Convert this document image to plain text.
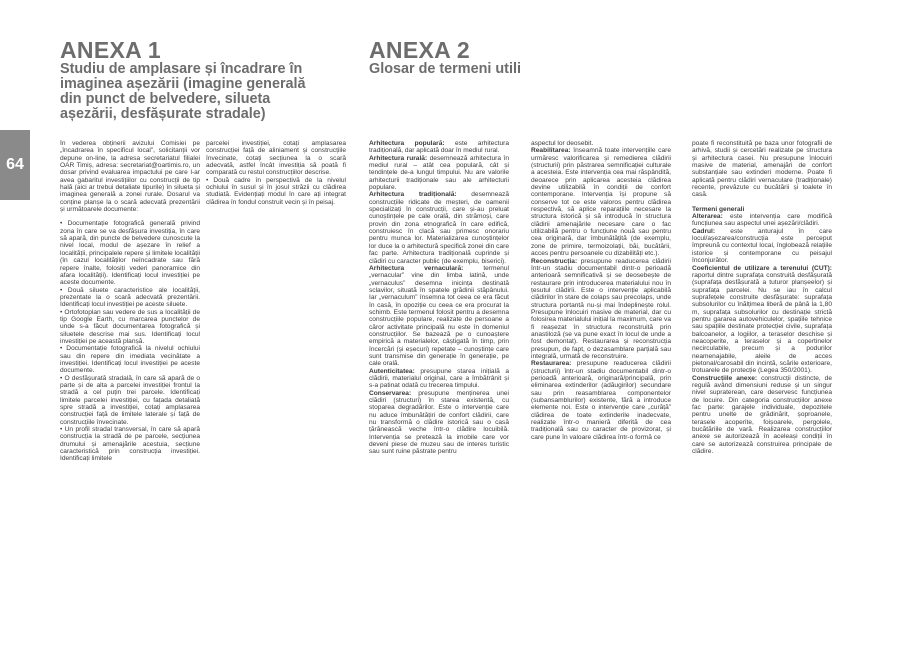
ANEXA 1
Studiu de amplasare și încadrare în
imaginea așezării (imagine generală
din punct de belvedere, silueta
așezării, desfășurate stradale)
ANEXA 2
Glosar de termeni utili
64

În vederea obținerii avizului Comisiei pe „încadrarea în specificul local”, solicitanții vor depune on-line, la adresa secretariatul filialei OAR Timiș, adresa: secretariat@oartimis.ro, un dosar privind evaluarea impactului pe care l-ar avea gabaritul investițiilor cu construcții de tip hală (aici ar trebui detaliate tipurile) în silueta și imaginea generală a zonei rurale. Dosarul va conține planșe la o scară adecvată prezentării și următoarele documente:

• Documentație fotografică generală privind zona în care se va desfășura investiția, în care să apară, din puncte de belvedere cunoscute la nivel local, modul de așezare în relief a localității, principalele repere și limitele localității (în cazul localităților neîncadrate sau fără repere înalte, folosiți vederi panoramice din afara localității). Identificați locul investiției pe aceste documente.

• Două siluete caracteristice ale localității, prezentate la o scară adecvată prezentării. Identificați locul investiției pe aceste siluete.

• Ortofotoplan sau vedere de sus a localității de tip Google Earth, cu marcarea punctelor de unde s-a făcut documentarea fotografică și siluetele descrise mai sus. Identificați locul investiției pe această planșă.

• Documentație fotografică la nivelul ochiului sau din repere din imediata vecinătate a investiției. Identificați locul investiției pe aceste documente.

• O desfășurată stradală, în care să apară de o parte și de alta a parcelei investiției frontul la stradă a cel puțin trei parcele. Identificați limitele parcelei investiției, cu fațada detaliată spre stradă a investiției, cotați amplasarea construcției față de limitele laterale și față de construcțiile învecinate.

• Un profil stradal transversal, în care să apară construcția la stradă de pe parcele, secțiunea drumului și amenajările acestuia, secțiune caracteristică prin construcția investiției. Identificați limitele

parcelei investiției, cotați amplasarea construcției față de aliniament și construcțiile învecinate, cotați secțiunea la o scară adecvată, astfel încât investiția să poată fi comparată cu restul construcțiilor descrise.

• Două cadre în perspectivă de la nivelul ochiului în susul și în josul străzii cu clădirea studiată. Evidențiați modul în care ați integrat clădirea în fondul construit vecin și în peisaj.

Arhitectura populară: este arhitectura tradițională, dar aplicată doar în mediul rural.

Arhitectura rurală: desemnează arhitectura în mediul rural – atât cea populară, cât și tendințele de-a lungul timpului. Nu are valorile arhitecturii tradiționale sau ale arhitecturii populare.

Arhitectura tradițională: desemnează construcțiile ridicate de meșteri, de oamenii specializați în construcții, care și-au preluat cunoștințele pe cale orală, din strămoși, care provin din zona etnografică în care edifică, construiesc în clacă sau primesc onorariu pentru munca lor. Materializarea cunoștințelor lor duce la o arhitectură specifică zonei din care fac parte. Arhitectura tradițională cuprinde și clădiri cu caracter public (de exemplu, biserici).

Arhitectura vernaculară: termenul „vernacular” vine din limba latină, unde „vernaculus” desemna inicința destinată sclavilor, situată în spatele grădinii stăpânului. Iar „vernaculum” însemna tot ceea ce era făcut în casă, în opoziție cu ceea ce era procurat la schimb. Este termenul folosit pentru a desemna construcțiile populare, realizate de persoane a căror activitate principală nu este în domeniul construcțiilor. Se bazează pe o cunoaștere empirică a materialelor, câștigată în timp, prin încercări (și eșecuri) repetate – cunoștințe care sunt transmise din generație în generație, pe cale orală.

Autenticitatea: presupune starea inițială a clădirii, materialul original, care a îmbătrânit și s-a patinat odată cu trecerea timpului.

Conservarea: presupune menținerea unei clădiri (structuri) în starea existentă, cu stoparea degradărilor. Este o intervenție care nu aduce îmbunătățiri de confort clădirii, care nu transformă o clădire istorică sau o casă țărănească veche într-o clădire locuibilă. Intervenția se pretează la imobile care vor deveni piese de muzeu sau de interes turistic sau sunt ruine păstrate pentru

aspectul lor deosebit.

Reabilitarea: înseamnă toate intervențiile care urmăresc valorificarea și remedierea clădirii (structurii) prin păstrarea semnificației culturale a acesteia. Este intervenția cea mai răspândită, deoarece prin aplicarea acesteia clădirea devine utilizabilă în condiții de confort contemporane. Intervenția își propune să conserve tot ce este valoros pentru clădirea respectivă, să aplice reparațiile necesare la structura istorică și să introducă în structura clădirii amenajările necesare care o fac utilizabilă pentru o funcțiune nouă sau pentru cea originară, dar îmbunătățită (de exemplu, zone de primire, termoizolații, băi, bucătării, acces pentru persoanele cu dizabilități etc.).

Reconstrucția: presupune readucerea clădirii într-un stadiu documentabil dintr-o perioadă anterioară semnificativă și se deosebește de restaurare prin introducerea materialului nou în țesutul clădirii. Este o intervenție aplicabilă clădirilor în stare de colaps sau precolaps, unde structura portantă nu-și mai îndeplinește rolul. Presupune înlocuiri masive de material, dar cu folosirea materialului inițial la maximum, care va fi reașezat în structura reconstruită prin anastiloză (se va pune exact în locul de unde a fost demontat). Restaurarea și reconstrucția presupun, de fapt, o dezasamblare parțială sau integrală, urmată de reconstruire.

Restaurarea: presupune readucerea clădirii (structurii) într-un stadiu documentabil dintr-o perioadă anterioară, originară/principală, prin eliminarea extinderilor (adăugirilor) secundare sau prin reasamblarea componentelor (subansamblurilor) existente, fără a introduce elemente noi. Este o intervenție care „curăță” clădirea de toate extinderile inadecvate, realizate într-o manieră diferită de cea tradițională sau cu caracter de provizorat, și care pune în valoare clădirea într-o formă ce

poate fi reconstituită pe baza unor fotografii de arhivă, studii și cercetări realizate pe structura și arhitectura casei. Nu presupune înlocuiri masive de material, amenajări de confort substanțiale sau extinderi moderne. Poate fi aplicată pentru clădiri vernaculare (tradiționale) recente, prevăzute cu bucătării și toalete în casă.

Termeni generali

Alterarea: este intervenția care modifică funcțiunea sau aspectul unei așezări/clădiri.

Cadrul: este anturajul în care locul/așezarea/construcția este perceput împreună cu contextul local, înglobează relațiile istorice și contemporane cu peisajul înconjurător.

Coeficientul de utilizare a terenului (CUT): raportul dintre suprafața construită desfășurată (suprafața desfășurată a tuturor planșeelor) și suprafața parcelei. Nu se iau în calcul suprafețele construite desfășurate: suprafața subsolurilor cu înălțimea liberă de până la 1,80 m, suprafața subsolurilor cu destinație strictă pentru gararea autovehiculelor, spațiile tehnice sau spațiile destinate protecției civile, suprafața balcoanelor, a logiilor, a teraselor deschise și neacoperite, a teraselor și a copertinelor necirculabile, precum și a podurilor neamenajabile, aleile de acces pietonal/carosabil din incintă, scările exterioare, trotuarele de protecție (Legea 350/2001).

Construcțiile anexe: construcții distincte, de regulă având dimensiuni reduse și un singur nivel supraterean, care deservesc funcțiunea de locuire. Din categoria construcțiilor anexe fac parte: garajele individuale, depozitele pentru unelte de grădinărit, șoproanele, terasele acoperite, foișoarele, pergolele, bucătăriile de vară. Realizarea construcțiilor anexe se autorizează în aceleași condiții în care se autorizează construirea principale de clădire.
